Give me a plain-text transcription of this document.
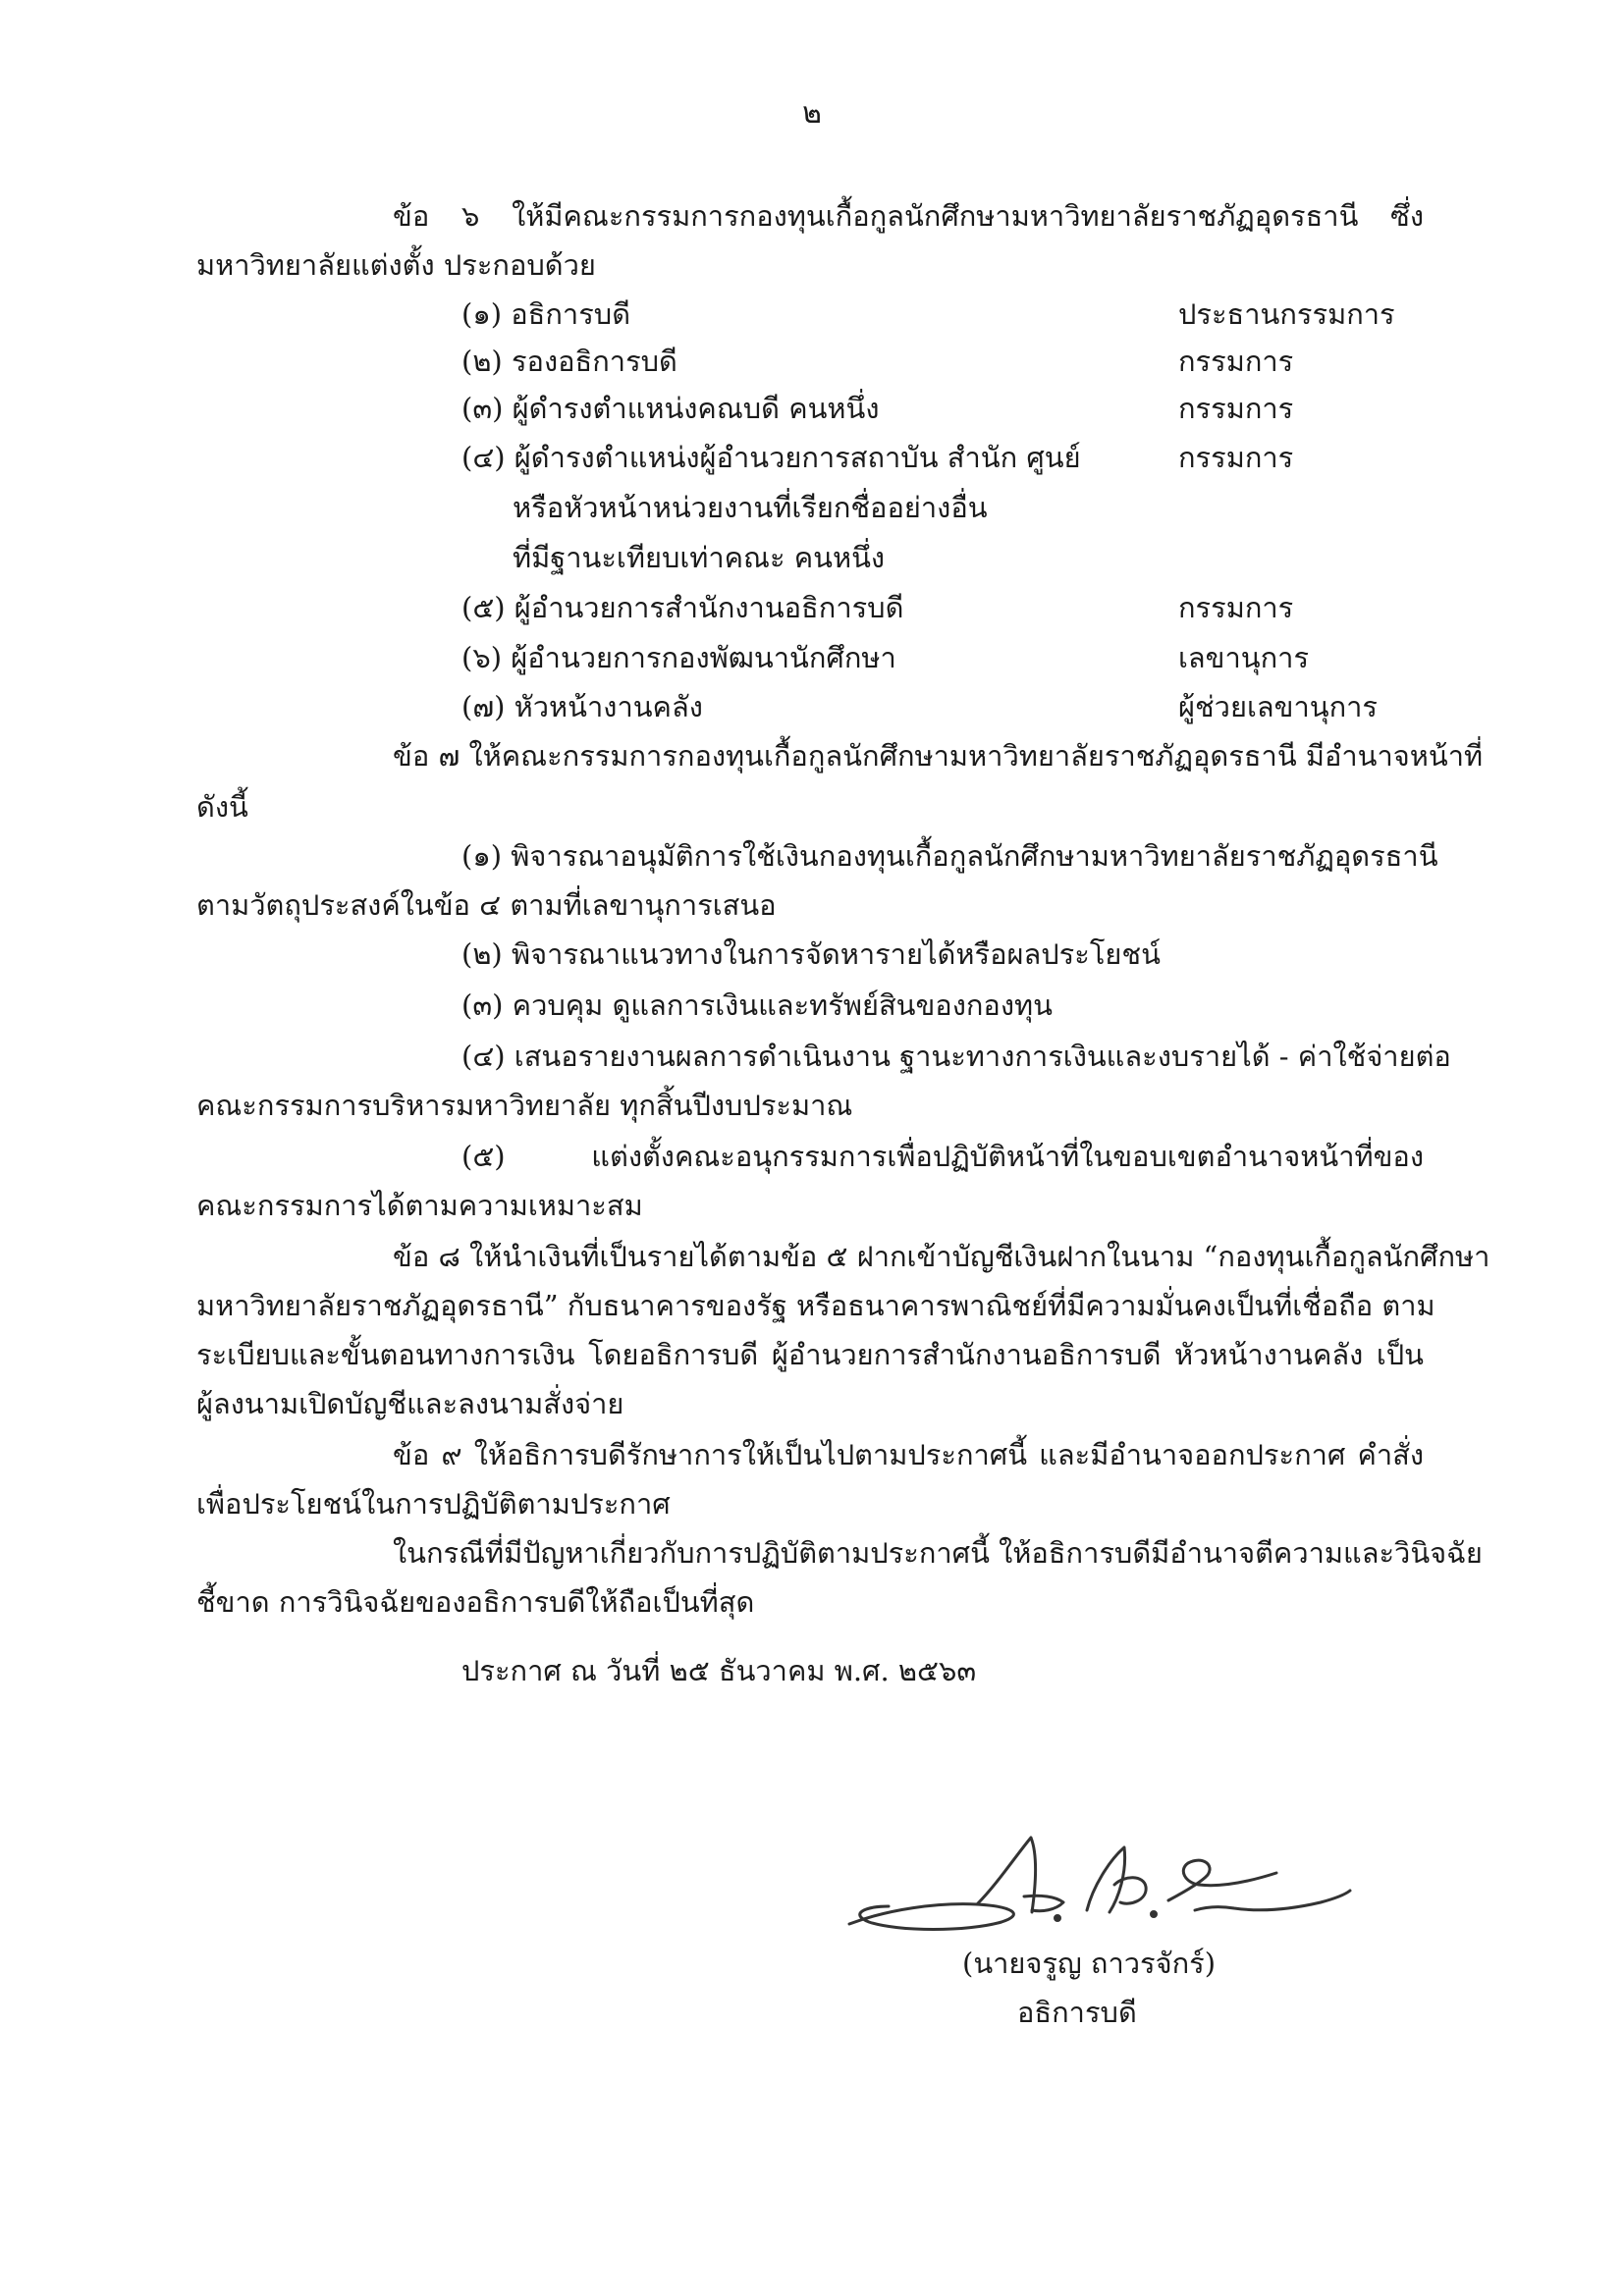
๒
ข้อ ๖ ให้มีคณะกรรมการกองทุนเกื้อกูลนักศึกษามหาวิทยาลัยราชภัฏอุดรธานี ซึ่ง
มหาวิทยาลัยแต่งตั้ง ประกอบด้วย
(๑) อธิการบดี	ประธานกรรมการ
(๒) รองอธิการบดี	กรรมการ
(๓) ผู้ดำรงตำแหน่งคณบดี คนหนึ่ง	กรรมการ
(๔) ผู้ดำรงตำแหน่งผู้อำนวยการสถาบัน สำนัก ศูนย์	กรรมการ
หรือหัวหน้าหน่วยงานที่เรียกชื่ออย่างอื่น
ที่มีฐานะเทียบเท่าคณะ คนหนึ่ง
(๕) ผู้อำนวยการสำนักงานอธิการบดี	กรรมการ
(๖) ผู้อำนวยการกองพัฒนานักศึกษา	เลขานุการ
(๗) หัวหน้างานคลัง	ผู้ช่วยเลขานุการ
ข้อ ๗ ให้คณะกรรมการกองทุนเกื้อกูลนักศึกษามหาวิทยาลัยราชภัฏอุดรธานี มีอำนาจหน้าที่
ดังนี้
(๑) พิจารณาอนุมัติการใช้เงินกองทุนเกื้อกูลนักศึกษามหาวิทยาลัยราชภัฏอุดรธานี
ตามวัตถุประสงค์ในข้อ ๔ ตามที่เลขานุการเสนอ
(๒) พิจารณาแนวทางในการจัดหารายได้หรือผลประโยชน์
(๓) ควบคุม ดูแลการเงินและทรัพย์สินของกองทุน
(๔) เสนอรายงานผลการดำเนินงาน ฐานะทางการเงินและงบรายได้ - ค่าใช้จ่ายต่อ
คณะกรรมการบริหารมหาวิทยาลัย ทุกสิ้นปีงบประมาณ
(๕) แต่งตั้งคณะอนุกรรมการเพื่อปฏิบัติหน้าที่ในขอบเขตอำนาจหน้าที่ของ
คณะกรรมการได้ตามความเหมาะสม
ข้อ ๘ ให้นำเงินที่เป็นรายได้ตามข้อ ๕ ฝากเข้าบัญชีเงินฝากในนาม “กองทุนเกื้อกูลนักศึกษา
มหาวิทยาลัยราชภัฏอุดรธานี” กับธนาคารของรัฐ หรือธนาคารพาณิชย์ที่มีความมั่นคงเป็นที่เชื่อถือ ตาม
ระเบียบและขั้นตอนทางการเงิน โดยอธิการบดี ผู้อำนวยการสำนักงานอธิการบดี หัวหน้างานคลัง เป็น
ผู้ลงนามเปิดบัญชีและลงนามสั่งจ่าย
ข้อ ๙ ให้อธิการบดีรักษาการให้เป็นไปตามประกาศนี้ และมีอำนาจออกประกาศ คำสั่ง
เพื่อประโยชน์ในการปฏิบัติตามประกาศ
ในกรณีที่มีปัญหาเกี่ยวกับการปฏิบัติตามประกาศนี้ ให้อธิการบดีมีอำนาจตีความและวินิจฉัย
ชี้ขาด การวินิจฉัยของอธิการบดีให้ถือเป็นที่สุด
ประกาศ ณ วันที่ ๒๕ ธันวาคม พ.ศ. ๒๕๖๓
(นายจรูญ ถาวรจักร์)
อธิการบดี
